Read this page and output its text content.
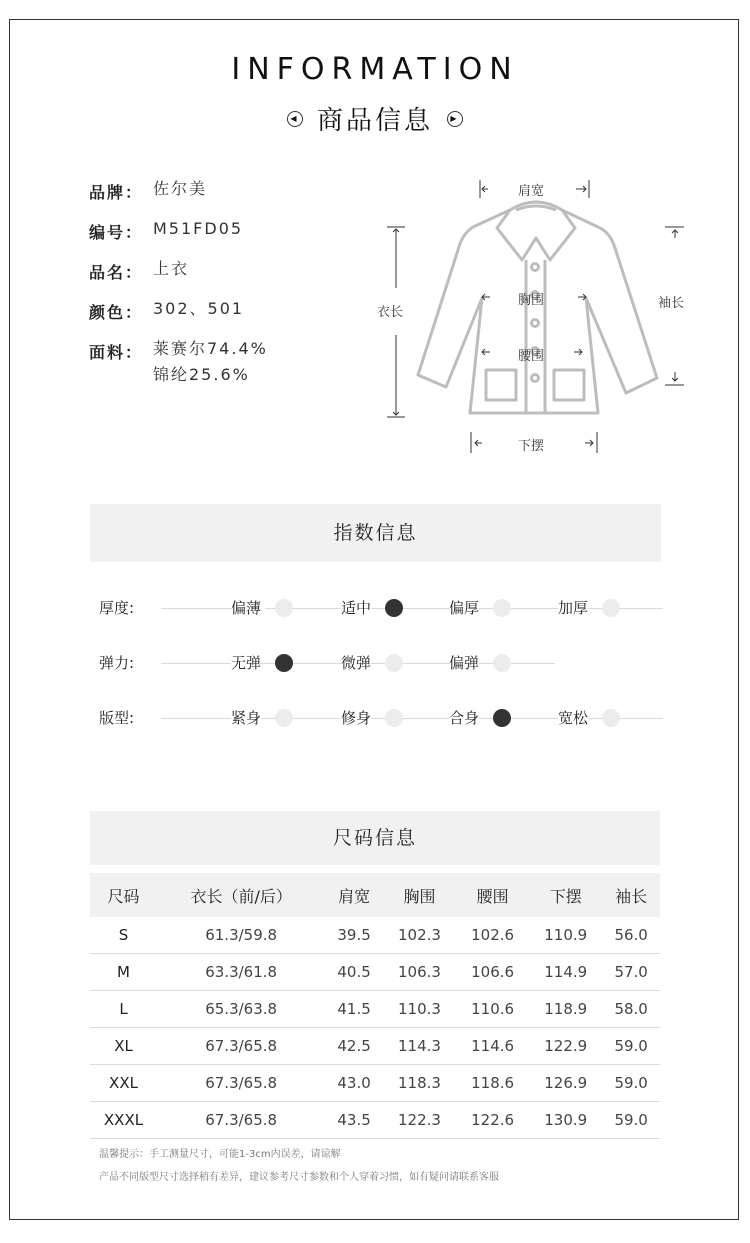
INFORMATION
◀ 商品信息	▶
品牌： 佐尔美
编号： M51FD05
品名： 上衣
颜色： 302、501
面料： 莱赛尔74.4%
锦纶25.6%
肩宽
衣长
胸围
腰围
下摆
袖长
指数信息
厚度:	偏薄	适中	偏厚	加厚
弹力:	无弹	微弹	偏弹
版型:	紧身	修身	合身	宽松
尺码信息
尺码	衣长（前/后）	肩宽	胸围	腰围	下摆	袖长
S	61.3/59.8	39.5	102.3	102.6	110.9	56.0
M	63.3/61.8	40.5	106.3	106.6	114.9	57.0
L	65.3/63.8	41.5	110.3	110.6	118.9	58.0
XL	67.3/65.8	42.5	114.3	114.6	122.9	59.0
XXL	67.3/65.8	43.0	118.3	118.6	126.9	59.0
XXXL	67.3/65.8	43.5	122.3	122.6	130.9	59.0
温馨提示：手工测量尺寸，可能1-3cm内误差，请谅解
产品不同版型尺寸选择稍有差异，建议参考尺寸参数和个人穿着习惯，如有疑问请联系客服
